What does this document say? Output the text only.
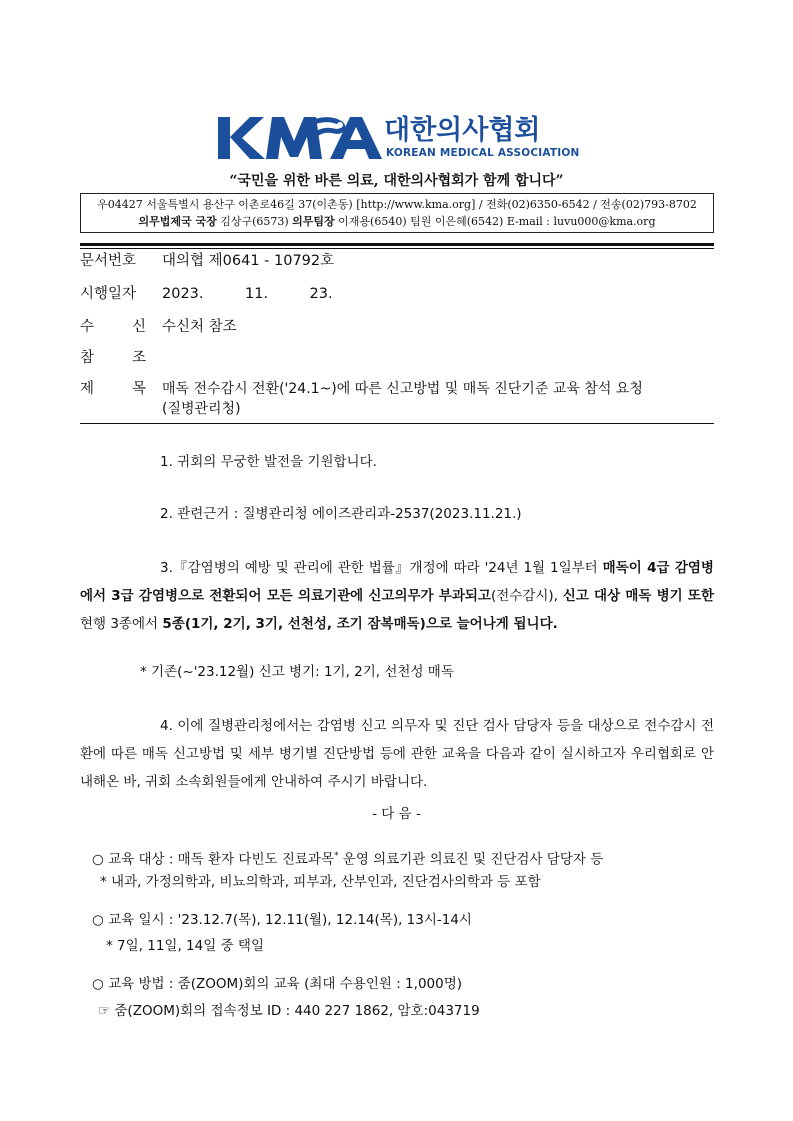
대한의사협회
KOREAN MEDICAL ASSOCIATION
“국민을 위한 바른 의료, 대한의사협회가 함께 합니다”
우04427 서울특별시 용산구 이촌로46길 37(이촌동) [http://www.kma.org] / 전화(02)6350-6542 / 전송(02)793-8702
의무법제국 국장 김상구(6573) 의무팀장 이재용(6540) 팀원 이은혜(6542) E-mail : luvu000@kma.org
문서번호 대의협 제0641 - 10792호
시행일자 2023.         11.         23.
수	신 수신처 참조
참	조
제	목 매독 전수감시 전환('24.1~)에 따른 신고방법 및 매독 진단기준 교육 참석 요청
(질병관리청)
1. 귀회의 무궁한 발전을 기원합니다.
2. 관련근거 : 질병관리청 에이즈관리과-2537(2023.11.21.)
3.『감염병의 예방 및 관리에 관한 법률』개정에 따라 '24년 1월 1일부터 매독이 4급 감염병에서 3급 감염병으로 전환되어 모든 의료기관에 신고의무가 부과되고(전수감시), 신고 대상 매독 병기 또한 현행 3종에서 5종(1기, 2기, 3기, 선천성, 조기 잠복매독)으로 늘어나게 됩니다.
* 기존(~'23.12월) 신고 병기: 1기, 2기, 선천성 매독
4. 이에 질병관리청에서는 감염병 신고 의무자 및 진단 검사 담당자 등을 대상으로 전수감시 전환에 따른 매독 신고방법 및 세부 병기별 진단방법 등에 관한 교육을 다음과 같이 실시하고자 우리협회로 안내해온 바, 귀회 소속회원들에게 안내하여 주시기 바랍니다.
- 다 음 -
○ 교육 대상 : 매독 환자 다빈도 진료과목* 운영 의료기관 의료진 및 진단검사 담당자 등
* 내과, 가정의학과, 비뇨의학과, 피부과, 산부인과, 진단검사의학과 등 포함
○ 교육 일시 : '23.12.7(목), 12.11(월), 12.14(목), 13시-14시
* 7일, 11일, 14일 중 택일
○ 교육 방법 : 줌(ZOOM)회의 교육 (최대 수용인원 : 1,000명)
☞ 줌(ZOOM)회의 접속정보 ID : 440 227 1862, 암호:043719
